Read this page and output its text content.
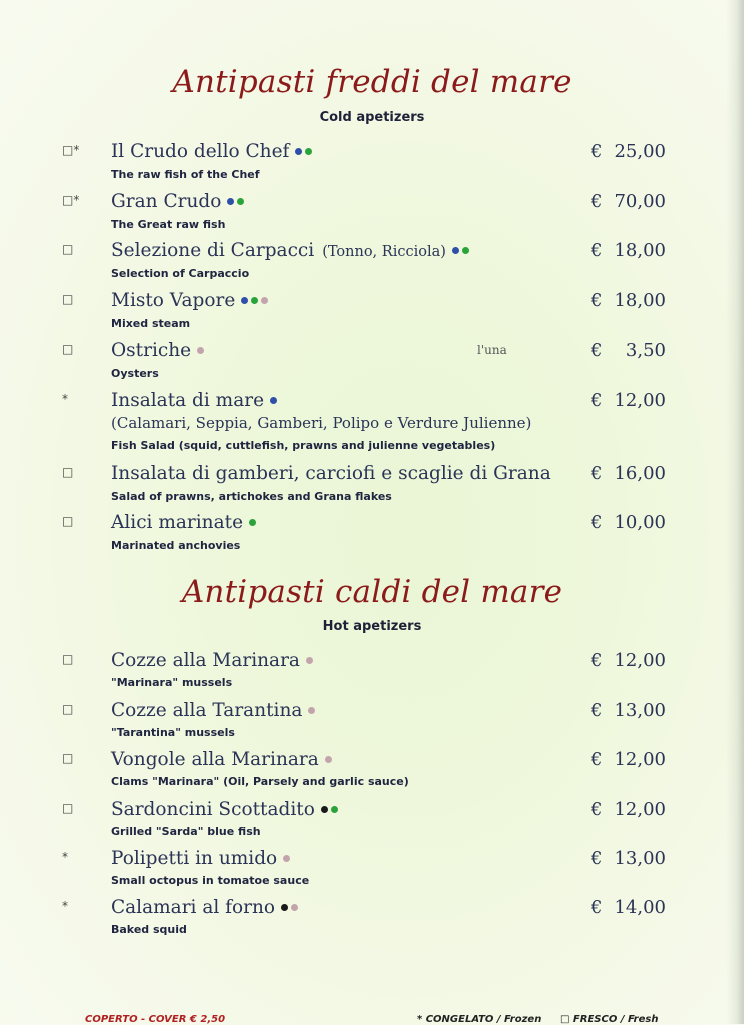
Antipasti freddi del mare
Cold apetizers
□* Il Crudo dello Chef	€ 25,00
The raw fish of the Chef
□* Gran Crudo	€ 70,00
The Great raw fish
□ Selezione di Carpacci (Tonno, Ricciola)	€ 18,00
Selection of Carpaccio
□ Misto Vapore	€ 18,00
Mixed steam
□ Ostriche	l'una	€ 3,50
Oysters
* Insalata di mare	€ 12,00
(Calamari, Seppia, Gamberi, Polipo e Verdure Julienne)
Fish Salad (squid, cuttlefish, prawns and julienne vegetables)
□ Insalata di gamberi, carciofi e scaglie di Grana € 16,00
Salad of prawns, artichokes and Grana flakes
□ Alici marinate	€ 10,00
Marinated anchovies
Antipasti caldi del mare
Hot apetizers
□ Cozze alla Marinara	€ 12,00
"Marinara" mussels
□ Cozze alla Tarantina	€ 13,00
"Tarantina" mussels
□ Vongole alla Marinara	€ 12,00
Clams "Marinara" (Oil, Parsely and garlic sauce)
□ Sardoncini Scottadito	€ 12,00
Grilled "Sarda" blue fish
* Polipetti in umido	€ 13,00
Small octopus in tomatoe sauce
* Calamari al forno	€ 14,00
Baked squid
COPERTO - COVER € 2,50	* CONGELATO / Frozen □ FRESCO / Fresh
